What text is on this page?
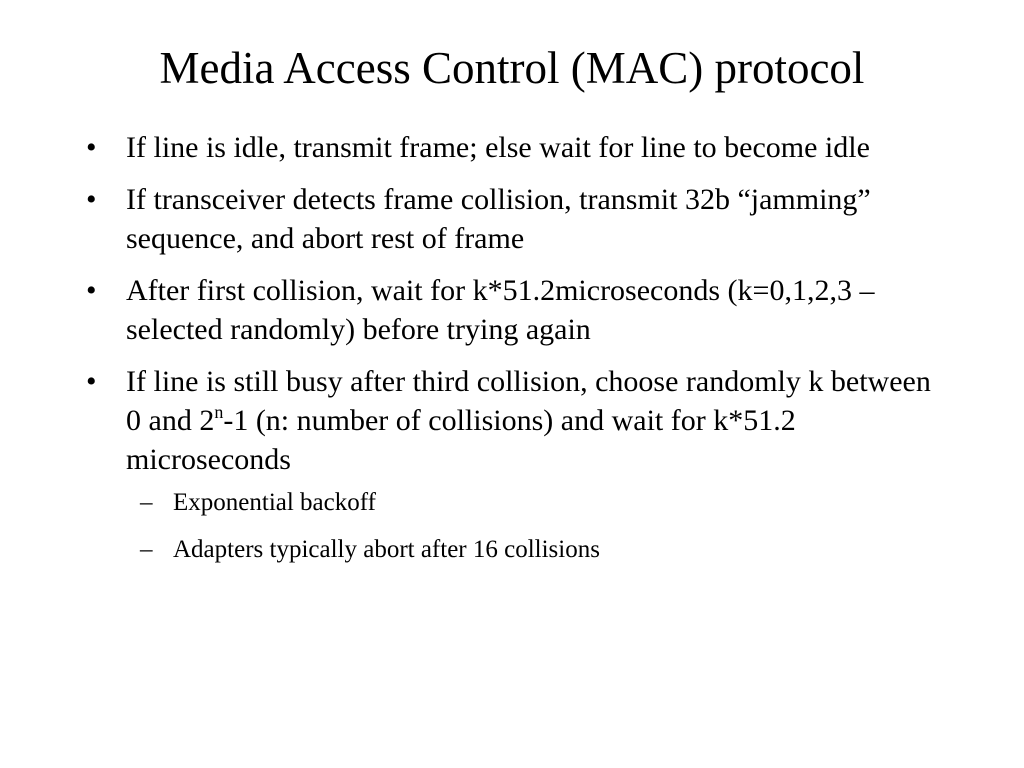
Media Access Control (MAC) protocol
• If line is idle, transmit frame; else wait for line to become idle
• If transceiver detects frame collision, transmit 32b “jamming” sequence, and abort rest of frame
• After first collision, wait for k*51.2microseconds (k=0,1,2,3 – selected randomly) before trying again
• If line is still busy after third collision, choose randomly k between 0 and 2$^n$-1 (n: number of collisions) and wait for k*51.2 microseconds
– Exponential backoff
– Adapters typically abort after 16 collisions
